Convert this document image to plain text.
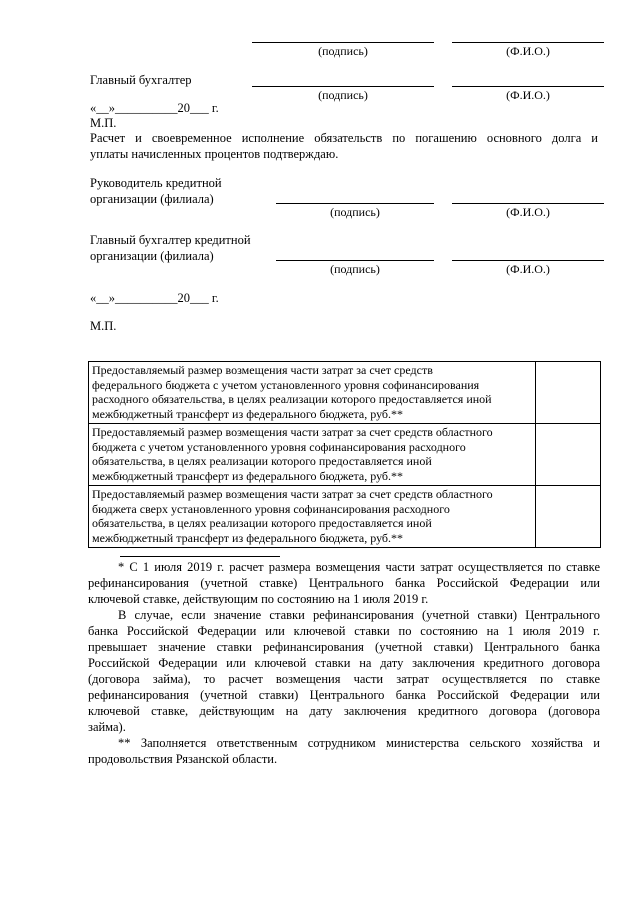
(подпись)	(Ф.И.О.)
Главный бухгалтер
(подпись)	(Ф.И.О.)
«__»__________20___ г.
М.П.
Расчет и своевременное исполнение обязательств по погашению основного долга и
уплаты начисленных процентов подтверждаю.
Руководитель кредитной
организации (филиала)
(подпись)	(Ф.И.О.)
Главный бухгалтер кредитной
организации (филиала)
(подпись)	(Ф.И.О.)
«__»__________20___ г.
М.П.
Предоставляемый размер возмещения части затрат за счет средств
федерального бюджета с учетом установленного уровня софинансирования
расходного обязательства, в целях реализации которого предоставляется иной
межбюджетный трансферт из федерального бюджета, руб.**	

Предоставляемый размер возмещения части затрат за счет средств областного
бюджета с учетом установленного уровня софинансирования расходного
обязательства, в целях реализации которого предоставляется иной
межбюджетный трансферт из федерального бюджета, руб.**	

Предоставляемый размер возмещения части затрат за счет средств областного
бюджета сверх установленного уровня софинансирования расходного
обязательства, в целях реализации которого предоставляется иной
межбюджетный трансферт из федерального бюджета, руб.**	

* С 1 июля 2019 г. расчет размера возмещения части затрат осуществляется по ставке
рефинансирования (учетной ставке) Центрального банка Российской Федерации или
ключевой ставке, действующим по состоянию на 1 июля 2019 г.
В случае, если значение ставки рефинансирования (учетной ставки) Центрального
банка Российской Федерации или ключевой ставки по состоянию на 1 июля 2019 г.
превышает значение ставки рефинансирования (учетной ставки) Центрального банка
Российской Федерации или ключевой ставки на дату заключения кредитного договора
(договора займа), то расчет возмещения части затрат осуществляется по ставке
рефинансирования (учетной ставки) Центрального банка Российской Федерации или
ключевой ставке, действующим на дату заключения кредитного договора (договора
займа).
** Заполняется ответственным сотрудником министерства сельского хозяйства и
продовольствия Рязанской области.
